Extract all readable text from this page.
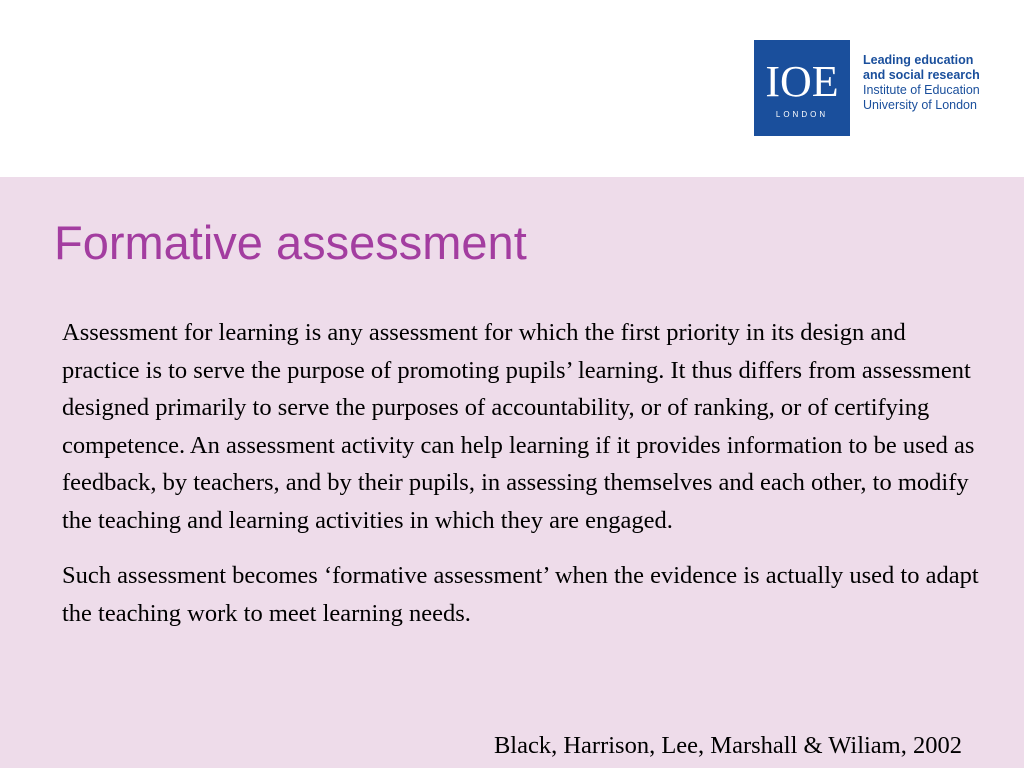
IOE
LONDON
Leading education
and social research
Institute of Education
University of London
Formative assessment

Assessment for learning is any assessment for which the first priority in its design and practice is to serve the purpose of promoting pupils’ learning. It thus differs from assessment designed primarily to serve the purposes of accountability, or of ranking, or of certifying competence. An assessment activity can help learning if it provides information to be used as feedback, by teachers, and by their pupils, in assessing themselves and each other, to modify the teaching and learning activities in which they are engaged.

Such assessment becomes ‘formative assessment’ when the evidence is actually used to adapt the teaching work to meet learning needs.

Black, Harrison, Lee, Marshall & Wiliam, 2002
